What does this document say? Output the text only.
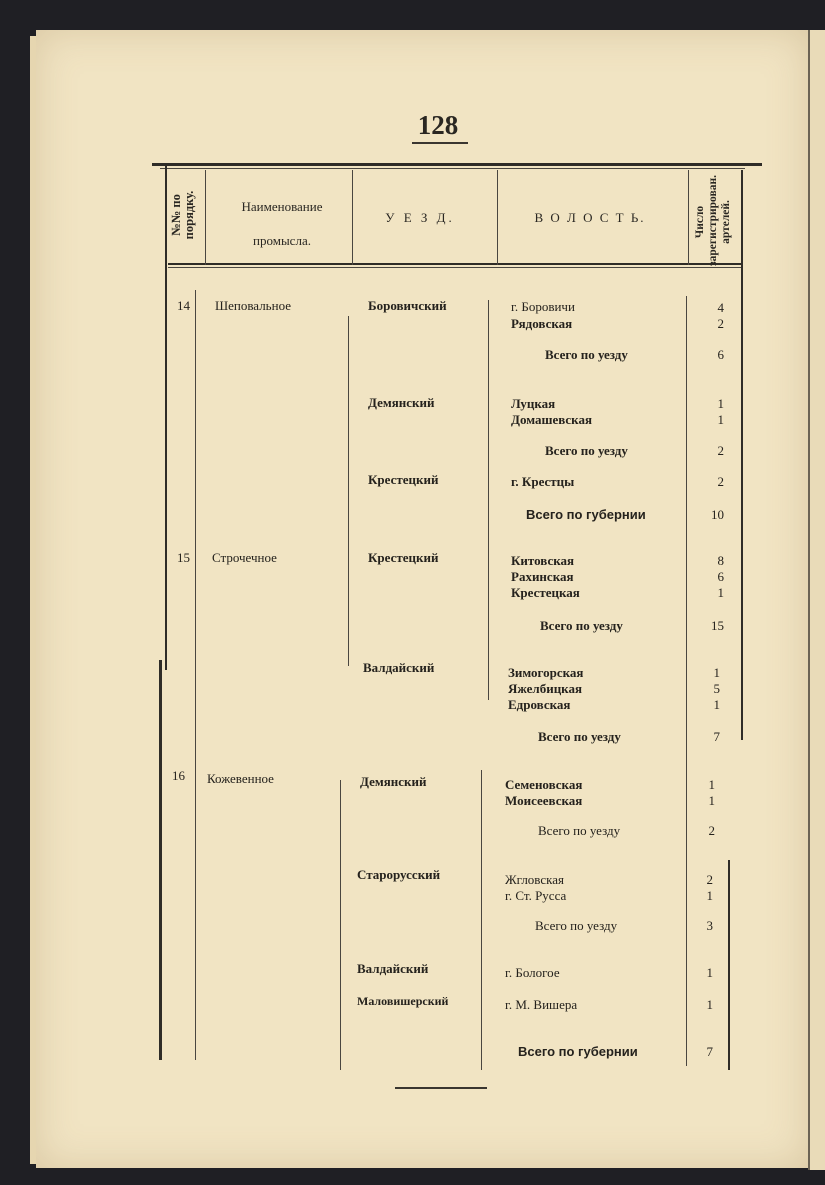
128
№№ по порядку.	Наименование промысла.
У Е З Д.	В О Л О С Т Ь.	Число зарегистрирован. артелей.
14 Шеповальное	Боровичский	г. Боровичи	4
Рядовская	2
Всего по уезду	6
Демянский	Луцкая	1
Домашевская	1
Всего по уезду	2
Крестецкий	г. Крестцы	2
Всего по губернии	10
15 Строчечное	Крестецкий	Китовская	8
Рахинская	6
Крестецкая	1
Всего по уезду	15
Валдайский	Зимогорская	1
Яжелбицкая	5
Едровская	1
Всего по уезду	7
16 Кожевенное	Демянский	Семеновская	1
Моисеевская	1
Всего по уезду	2
Старорусский	Жгловская	2
г. Ст. Русса	1
Всего по уезду	3
Валдайский	г. Бологое	1
Маловишерский	г. М. Вишера	1
Всего по губернии	7
